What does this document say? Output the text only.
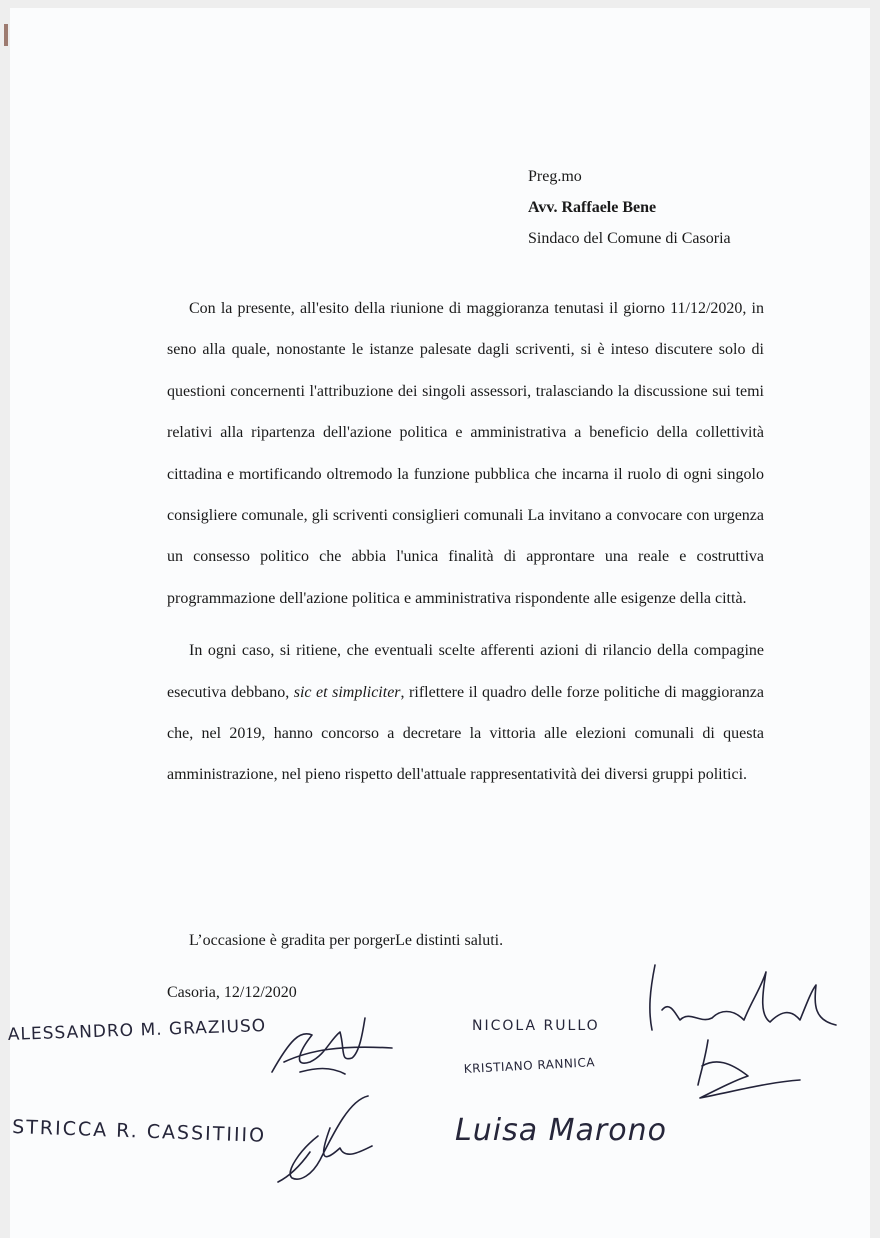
Preg.mo
Avv. Raffaele Bene
Sindaco del Comune di Casoria

Con la presente, all'esito della riunione di maggioranza tenutasi il giorno 11/12/2020, in seno alla quale, nonostante le istanze palesate dagli scriventi, si è inteso discutere solo di questioni concernenti l'attribuzione dei singoli assessori, tralasciando la discussione sui temi relativi alla ripartenza dell'azione politica e amministrativa a beneficio della collettività cittadina e mortificando oltremodo la funzione pubblica che incarna il ruolo di ogni singolo consigliere comunale, gli scriventi consiglieri comunali La invitano a convocare con urgenza un consesso politico che abbia l'unica finalità di approntare una reale e costruttiva programmazione dell'azione politica e amministrativa rispondente alle esigenze della città.

In ogni caso, si ritiene, che eventuali scelte afferenti azioni di rilancio della compagine esecutiva debbano, sic et simpliciter, riflettere il quadro delle forze politiche di maggioranza che, nel 2019, hanno concorso a decretare la vittoria alle elezioni comunali di questa amministrazione, nel pieno rispetto dell'attuale rappresentatività dei diversi gruppi politici.

L’occasione è gradita per porgerLe distinti saluti.
Casoria, 12/12/2020
ALESSANDRO M. GRAZIUSO
STRICCA R. CASSITIIIO
NICOLA RULLO
KRISTIANO RANNICA
Luisa Marono
